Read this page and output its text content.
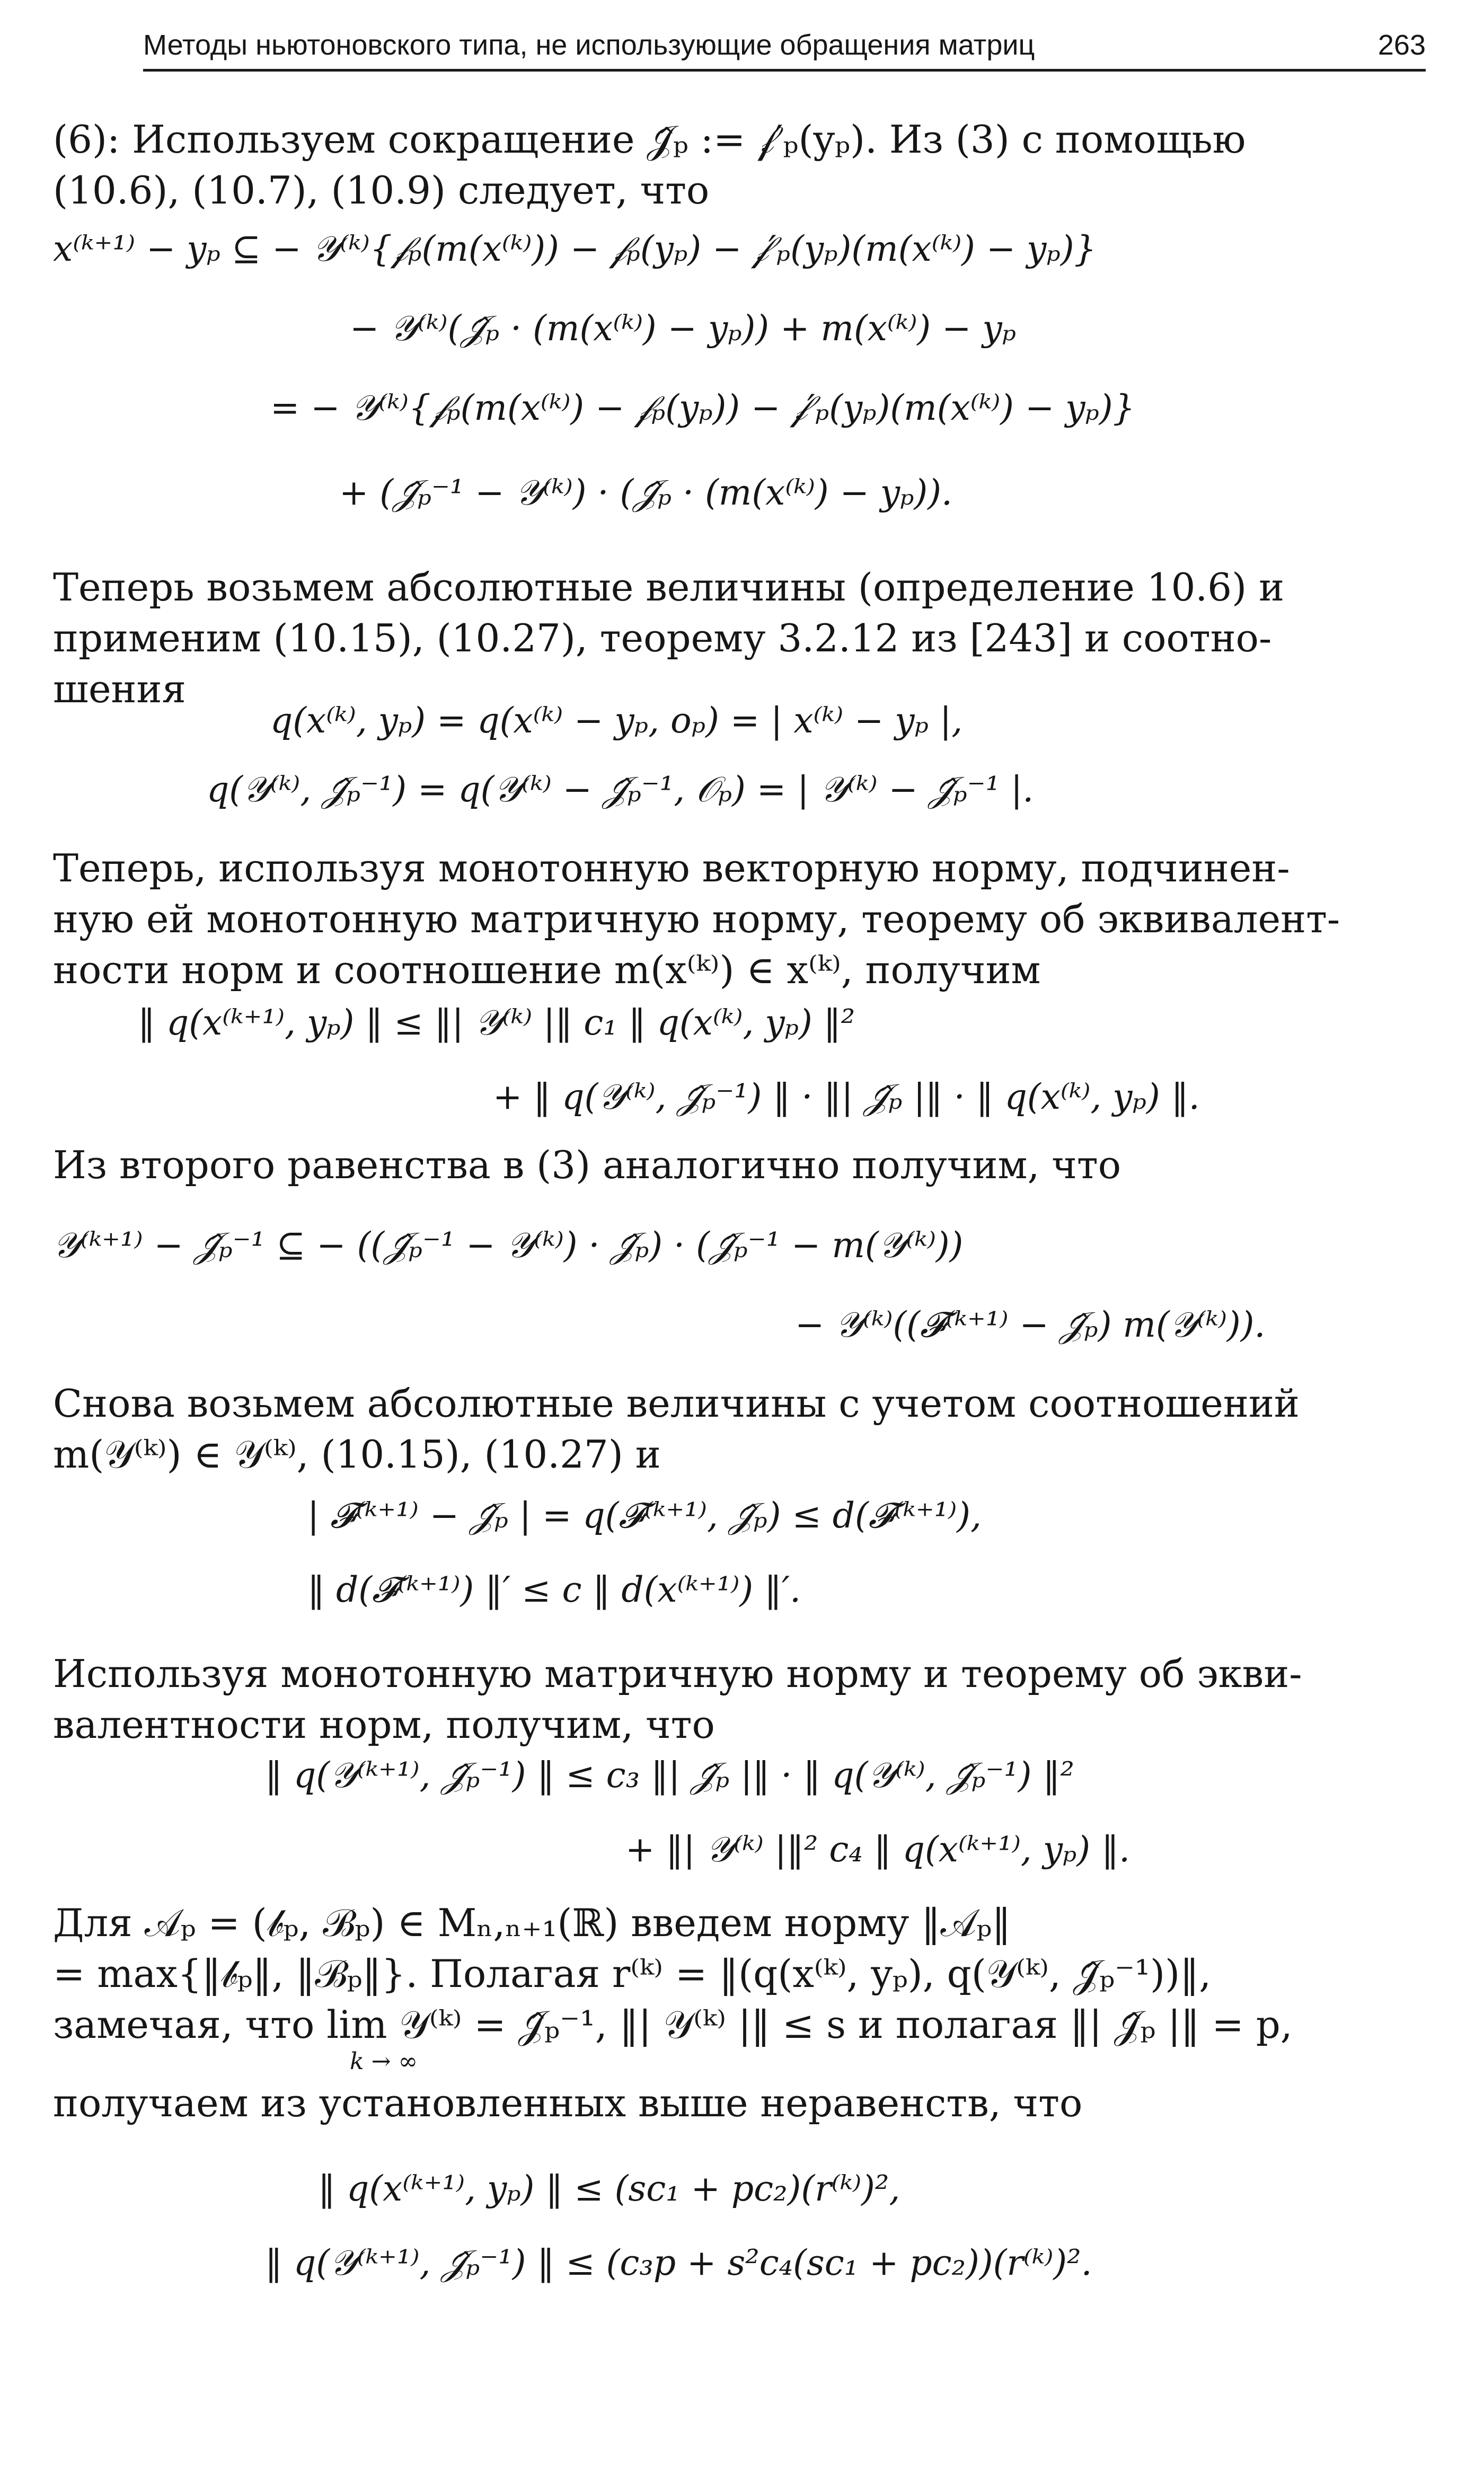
Методы ньютоновского типа, не использующие обращения матриц	263
(6): Используем сокращение 𝒥̂ₚ := 𝒻′ₚ(yₚ). Из (3) с помощью
(10.6), (10.7), (10.9) следует, что
x⁽ᵏ⁺¹⁾ − yₚ ⊆ − 𝒴⁽ᵏ⁾{𝒻ₚ(m(x⁽ᵏ⁾)) − 𝒻ₚ(yₚ) − 𝒻′ₚ(yₚ)(m(x⁽ᵏ⁾) − yₚ)}
− 𝒴⁽ᵏ⁾(𝒥̂ₚ · (m(x⁽ᵏ⁾) − yₚ)) + m(x⁽ᵏ⁾) − yₚ
= − 𝒴⁽ᵏ⁾{𝒻ₚ(m(x⁽ᵏ⁾) − 𝒻ₚ(yₚ)) − 𝒻′ₚ(yₚ)(m(x⁽ᵏ⁾) − yₚ)}
+ (𝒥̂ₚ⁻¹ − 𝒴⁽ᵏ⁾) · (𝒥̂ₚ · (m(x⁽ᵏ⁾) − yₚ)).
Теперь возьмем абсолютные величины (определение 10.6) и
применим (10.15), (10.27), теорему 3.2.12 из [243] и соотно-
шения
q(x⁽ᵏ⁾, yₚ) = q(x⁽ᵏ⁾ − yₚ, oₚ) = | x⁽ᵏ⁾ − yₚ |,
q(𝒴⁽ᵏ⁾, 𝒥̂ₚ⁻¹) = q(𝒴⁽ᵏ⁾ − 𝒥̂ₚ⁻¹, 𝒪ₚ) = | 𝒴⁽ᵏ⁾ − 𝒥̂ₚ⁻¹ |.
Теперь, используя монотонную векторную норму, подчинен-
ную ей монотонную матричную норму, теорему об эквивалент-
ности норм и соотношение m(x⁽ᵏ⁾) ∈ x⁽ᵏ⁾, получим
‖ q(x⁽ᵏ⁺¹⁾, yₚ) ‖ ≤ ‖| 𝒴⁽ᵏ⁾ |‖ c₁ ‖ q(x⁽ᵏ⁾, yₚ) ‖²
+ ‖ q(𝒴⁽ᵏ⁾, 𝒥̂ₚ⁻¹) ‖ · ‖| 𝒥̂ₚ |‖ · ‖ q(x⁽ᵏ⁾, yₚ) ‖.
Из второго равенства в (3) аналогично получим, что
𝒴⁽ᵏ⁺¹⁾ − 𝒥̂ₚ⁻¹ ⊆ − ((𝒥̂ₚ⁻¹ − 𝒴⁽ᵏ⁾) · 𝒥̂ₚ) · (𝒥̂ₚ⁻¹ − m(𝒴⁽ᵏ⁾))
− 𝒴⁽ᵏ⁾((𝓕⁽ᵏ⁺¹⁾ − 𝒥̂ₚ) m(𝒴⁽ᵏ⁾)).
Снова возьмем абсолютные величины с учетом соотношений
m(𝒴⁽ᵏ⁾) ∈ 𝒴⁽ᵏ⁾, (10.15), (10.27) и
| 𝓕⁽ᵏ⁺¹⁾ − 𝒥̂ₚ | = q(𝓕⁽ᵏ⁺¹⁾, 𝒥̂ₚ) ≤ d(𝓕⁽ᵏ⁺¹⁾),
‖ d(𝓕⁽ᵏ⁺¹⁾) ‖′ ≤ c ‖ d(x⁽ᵏ⁺¹⁾) ‖′.
Используя монотонную матричную норму и теорему об экви-
валентности норм, получим, что
‖ q(𝒴⁽ᵏ⁺¹⁾, 𝒥̂ₚ⁻¹) ‖ ≤ c₃ ‖| 𝒥̂ₚ |‖ · ‖ q(𝒴⁽ᵏ⁾, 𝒥̂ₚ⁻¹) ‖²
+ ‖| 𝒴⁽ᵏ⁾ |‖² c₄ ‖ q(x⁽ᵏ⁺¹⁾, yₚ) ‖.
Для 𝒜ₚ = (𝒷ₚ, ℬₚ) ∈ Mₙ,ₙ₊₁(ℝ) введем норму ‖𝒜ₚ‖
= max{‖𝒷ₚ‖, ‖ℬₚ‖}. Полагая r⁽ᵏ⁾ = ‖(q(x⁽ᵏ⁾, yₚ), q(𝒴⁽ᵏ⁾, 𝒥̂ₚ⁻¹))‖,
замечая, что lim 𝒴⁽ᵏ⁾ = 𝒥̂ₚ⁻¹, ‖| 𝒴⁽ᵏ⁾ |‖ ≤ s и полагая ‖| 𝒥̂ₚ |‖ = p,
k → ∞
получаем из установленных выше неравенств, что
‖ q(x⁽ᵏ⁺¹⁾, yₚ) ‖ ≤ (sc₁ + pc₂)(r⁽ᵏ⁾)²,
‖ q(𝒴⁽ᵏ⁺¹⁾, 𝒥̂ₚ⁻¹) ‖ ≤ (c₃p + s²c₄(sc₁ + pc₂))(r⁽ᵏ⁾)².
